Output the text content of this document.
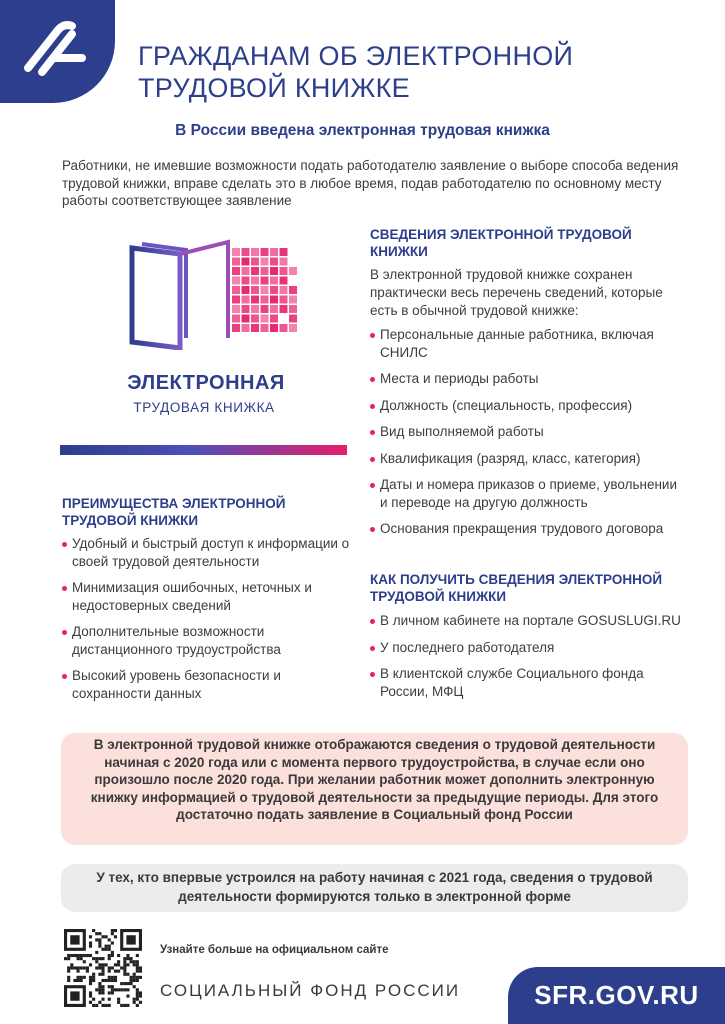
ГРАЖДАНАМ ОБ ЭЛЕКТРОННОЙ ТРУДОВОЙ КНИЖКЕ
В России введена электронная трудовая книжка
Работники, не имевшие возможности подать работодателю заявление о выборе способа ведения трудовой книжки, вправе сделать это в любое время, подав работодателю по основному месту работы соответствующее заявление
ЭЛЕКТРОННАЯ
ТРУДОВАЯ КНИЖКА
СВЕДЕНИЯ ЭЛЕКТРОННОЙ ТРУДОВОЙ КНИЖКИ
В электронной трудовой книжке сохранен практически весь перечень сведений, которые есть в обычной трудовой книжке:
Персональные данные работника, включая СНИЛС
Места и периоды работы
Должность (специальность, профессия)
Вид выполняемой работы
Квалификация (разряд, класс, категория)
Даты и номера приказов о приеме, увольнении и переводе на другую должность
Основания прекращения трудового договора
ПРЕИМУЩЕСТВА ЭЛЕКТРОННОЙ ТРУДОВОЙ КНИЖКИ
Удобный и быстрый доступ к информации о своей трудовой деятельности
Минимизация ошибочных, неточных и недостоверных сведений
Дополнительные возможности дистанционного трудоустройства
Высокий уровень безопасности и сохранности данных
КАК ПОЛУЧИТЬ СВЕДЕНИЯ ЭЛЕКТРОННОЙ ТРУДОВОЙ КНИЖКИ
В личном кабинете на портале GOSUSLUGI.RU
У последнего работодателя
В клиентской службе Социального фонда России, МФЦ

В электронной трудовой книжке отображаются сведения о трудовой деятельности начиная с 2020 года или с момента первого трудоустройства, в случае если оно произошло после 2020 года. При желании работник может дополнить электронную книжку информацией о трудовой деятельности за предыдущие периоды. Для этого достаточно подать заявление в Социальный фонд России

У тех, кто впервые устроился на работу начиная с 2021 года, сведения о трудовой деятельности формируются только в электронной форме

Узнайте больше на официальном сайте
СОЦИАЛЬНЫЙ ФОНД РОССИИ	SFR.GOV.RU
